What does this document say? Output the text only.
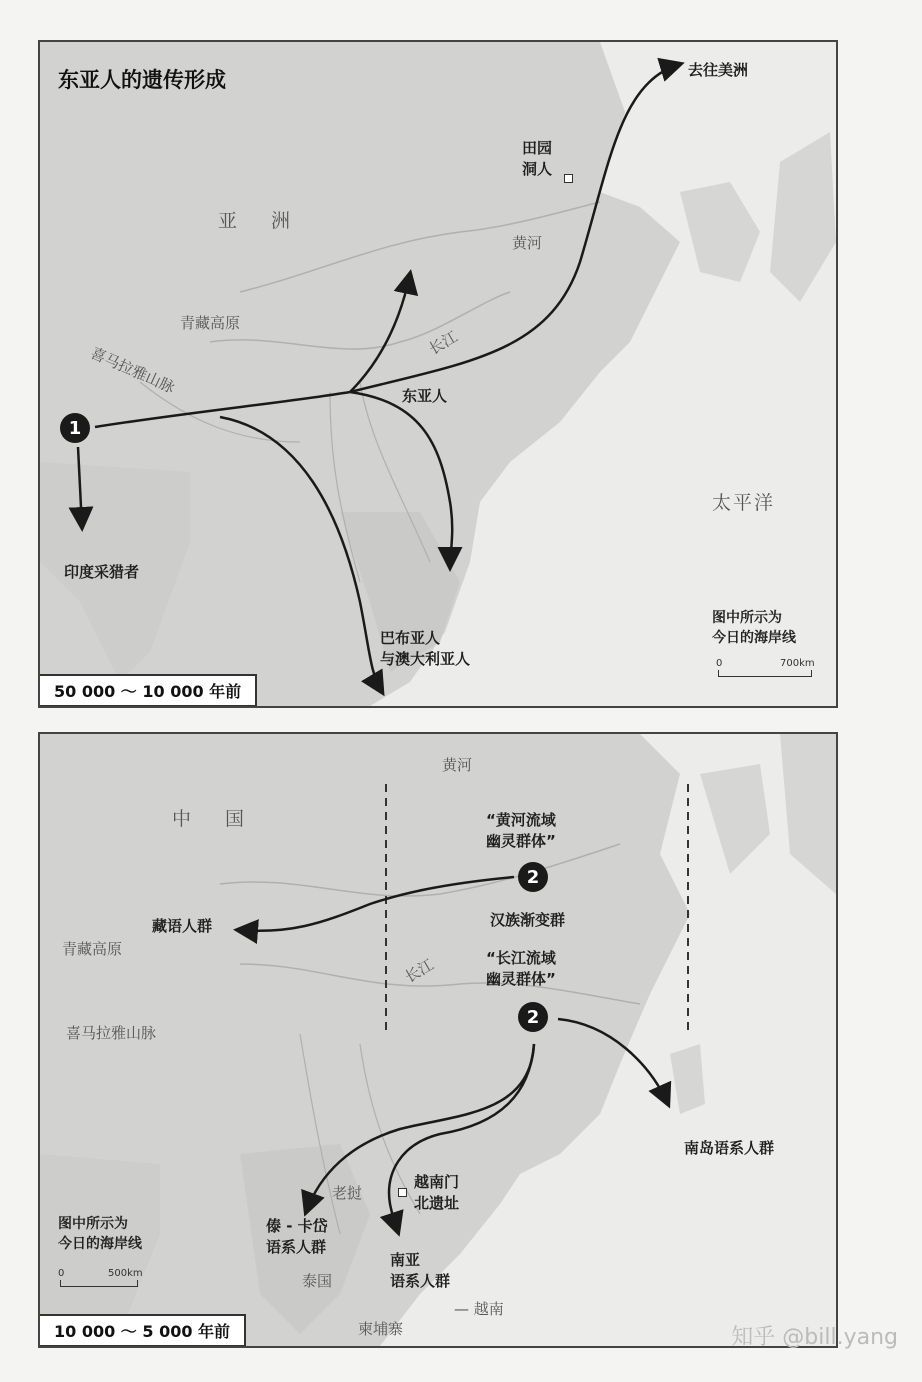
东亚人的遗传形成
亚 洲
太平洋
青藏高原
喜马拉雅山脉
黄河
长江
田园
洞人
去往美洲
东亚人
印度采猎者
巴布亚人
与澳大利亚人
1
图中所示为
今日的海岸线
0	700km
50 000 ～ 10 000 年前
中 国
黄河
长江
青藏高原
喜马拉雅山脉
“黄河流域
幽灵群体”
2
汉族渐变群
“长江流域
幽灵群体”
2
藏语人群
南岛语系人群
傣 - 卡岱
语系人群
南亚
语系人群
老挝
越南门
北遗址
泰国
— 越南
柬埔寨
图中所示为
今日的海岸线
0	500km
10 000 ～ 5 000 年前	知乎 @bill.yang
